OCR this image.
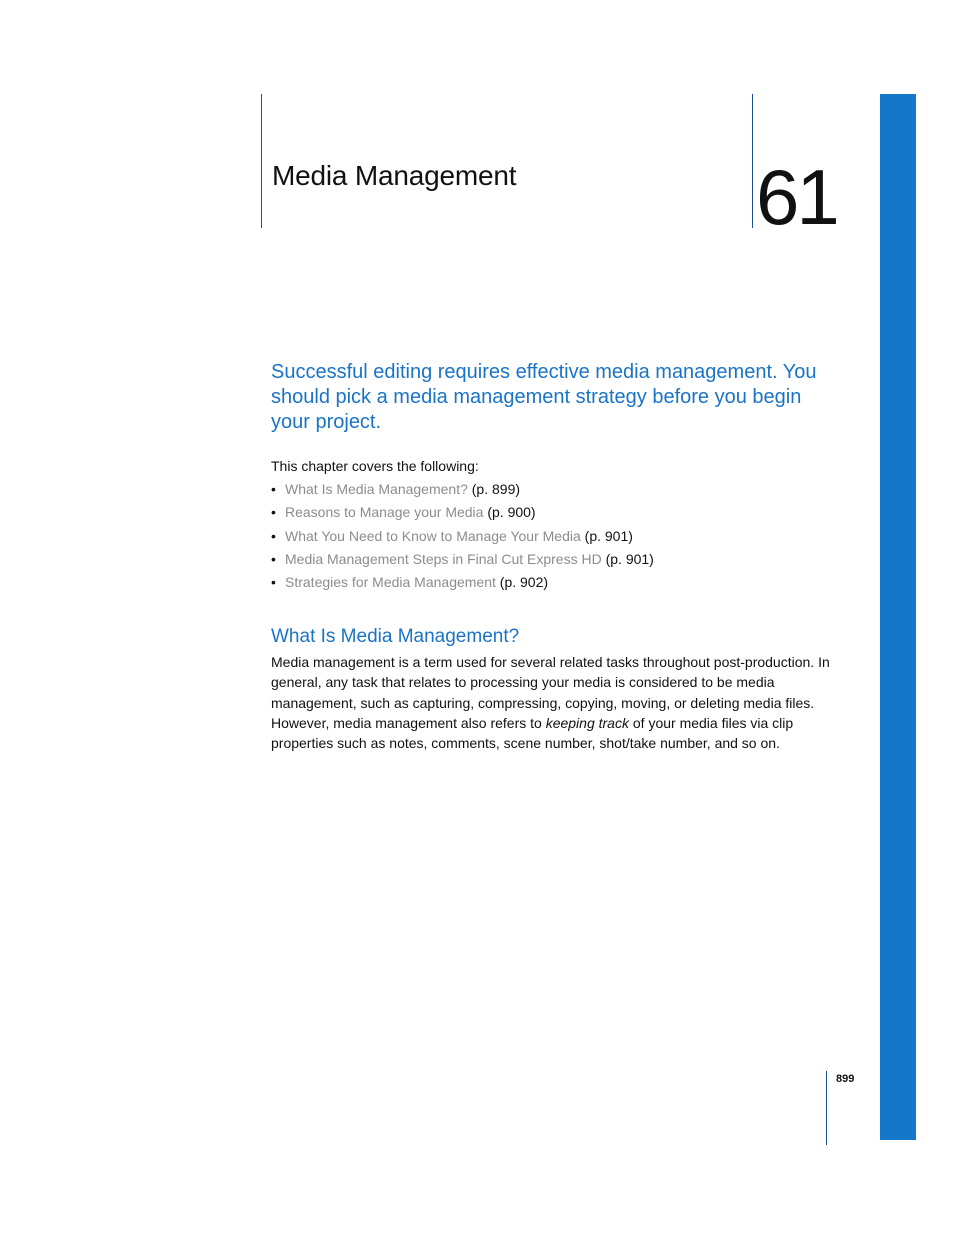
Media Management	61

Successful editing requires effective media management. You should pick a media management strategy before you begin your project.

This chapter covers the following:

• What Is Media Management? (p. 899)
• Reasons to Manage your Media (p. 900)
• What You Need to Know to Manage Your Media (p. 901)
• Media Management Steps in Final Cut Express HD (p. 901)
• Strategies for Media Management (p. 902)
What Is Media Management?

Media management is a term used for several related tasks throughout post-production. In general, any task that relates to processing your media is considered to be media management, such as capturing, compressing, copying, moving, or deleting media files. However, media management also refers to keeping track of your media files via clip properties such as notes, comments, scene number, shot/take number, and so on.

899
